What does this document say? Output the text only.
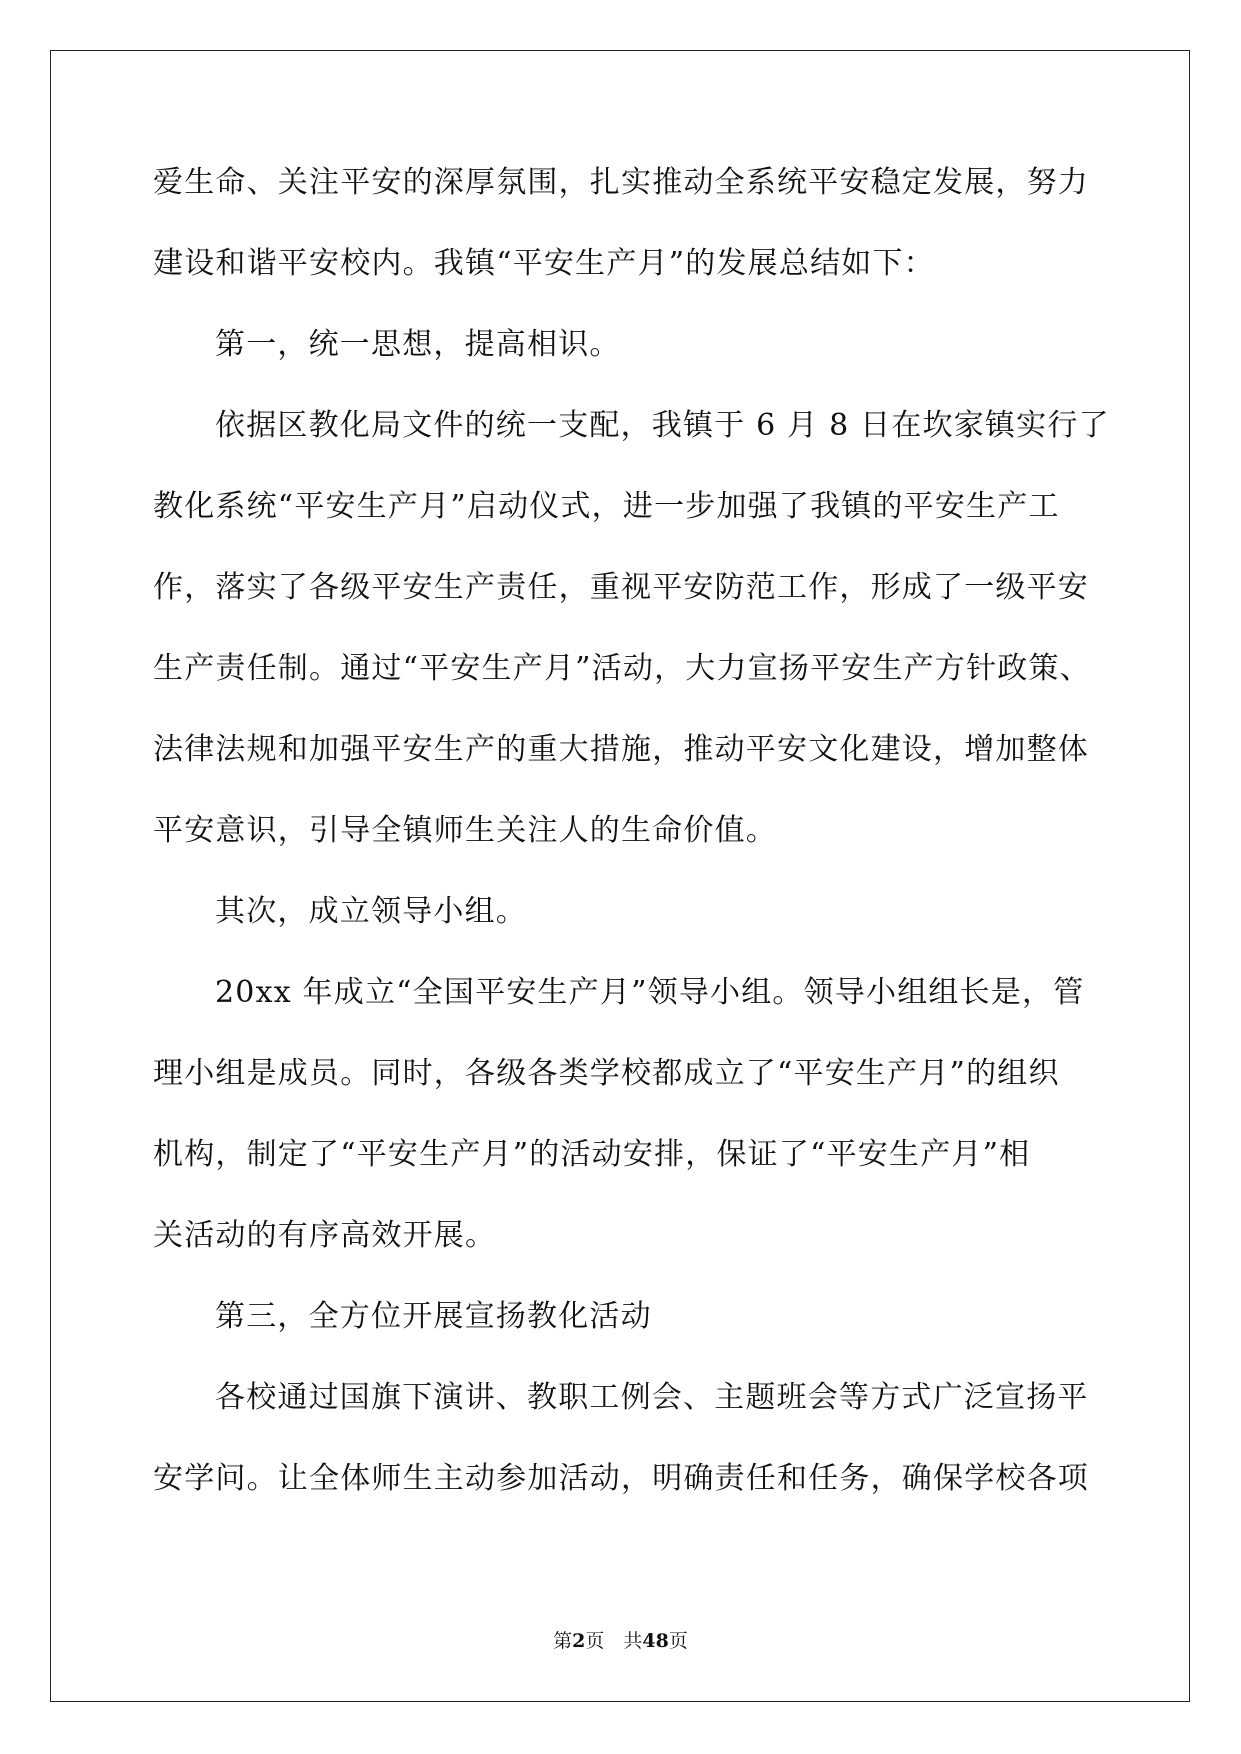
爱生命、关注平安的深厚氛围，扎实推动全系统平安稳定发展，努力
建设和谐平安校内。我镇“平安生产月”的发展总结如下：
第一，统一思想，提高相识。
依据区教化局文件的统一支配，我镇于 6 月 8 日在坎家镇实行了
教化系统“平安生产月”启动仪式，进一步加强了我镇的平安生产工
作，落实了各级平安生产责任，重视平安防范工作，形成了一级平安
生产责任制。通过“平安生产月”活动，大力宣扬平安生产方针政策、
法律法规和加强平安生产的重大措施，推动平安文化建设，增加整体
平安意识，引导全镇师生关注人的生命价值。
其次，成立领导小组。
20xx 年成立“全国平安生产月”领导小组。领导小组组长是，管
理小组是成员。同时，各级各类学校都成立了“平安生产月”的组织
机构，制定了“平安生产月”的活动安排，保证了“平安生产月”相
关活动的有序高效开展。
第三，全方位开展宣扬教化活动
各校通过国旗下演讲、教职工例会、主题班会等方式广泛宣扬平
安学问。让全体师生主动参加活动，明确责任和任务，确保学校各项
第2页　共48页
